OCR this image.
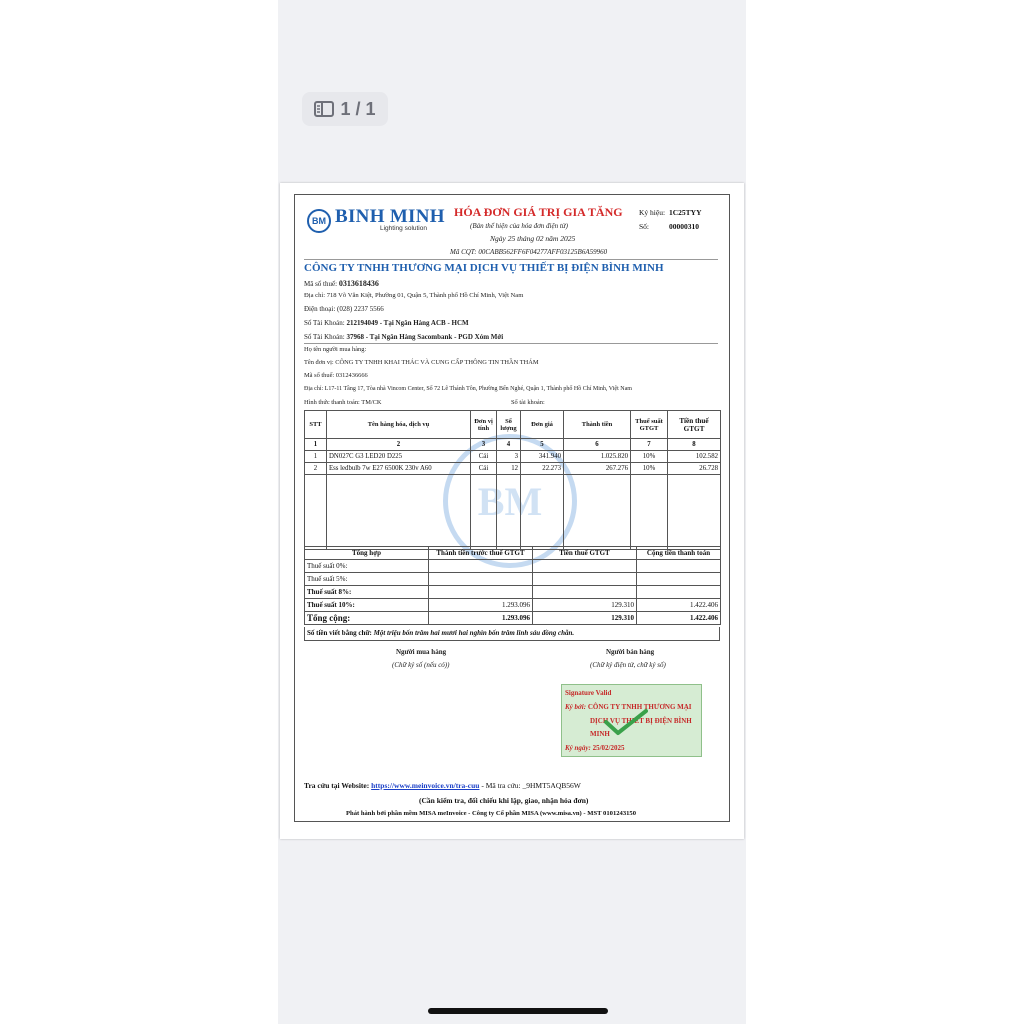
1 / 1
BM
BM BINH MINH
Lighting solution
HÓA ĐƠN GIÁ TRỊ GIA TĂNG
(Bản thể hiện của hóa đơn điện tử)
Ngày 25 tháng 02 năm 2025
Mã CQT: 00CABB562FF6F04277AFF03125B6A59960
Ký hiệu: 1C25TYY
Số:	00000310
CÔNG TY TNHH THƯƠNG MẠI DỊCH VỤ THIẾT BỊ ĐIỆN BÌNH MINH
Mã số thuế: 0313618436
Địa chỉ: 718 Võ Văn Kiệt, Phường 01, Quận 5, Thành phố Hồ Chí Minh, Việt Nam
Điện thoại: (028) 2237 5566
Số Tài Khoản: 212194049 - Tại Ngân Hàng ACB - HCM
Số Tài Khoản: 37968 - Tại Ngân Hàng Sacombank - PGD Xóm Mới
Họ tên người mua hàng:
Tên đơn vị: CÔNG TY TNHH KHAI THÁC VÀ CUNG CẤP THÔNG TIN THẦN THÁM
Mã số thuế: 0312436666
Địa chỉ: L17-11 Tầng 17, Tòa nhà Vincom Center, Số 72 Lê Thánh Tôn, Phường Bến Nghé, Quận 1, Thành phố Hồ Chí Minh, Việt Nam
Hình thức thanh toán: TM/CK	Số tài khoản:
STT	Tên hàng hóa, dịch vụ	Đơn vị tính	Số lượng	Đơn giá	Thành tiền	Thuế suất GTGT	Tiền thuế GTGT
1	2	3	4	5	6	7	8
1	DN027C G3 LED20 D225	Cái	3	341.940	1.025.820	10%	102.582
2	Ess ledbulb 7w E27 6500K 230v A60	Cái	12	22.273	267.276	10%	26.728

Tổng hợp	Thành tiền trước thuế GTGT	Tiền thuế GTGT	Cộng tiền thanh toán
Thuế suất 0%:			
Thuế suất 5%:			
Thuế suất 8%:			
Thuế suất 10%:	1.293.096	129.310	1.422.406
Tổng cộng:	1.293.096	129.310	1.422.406
Số tiền viết bằng chữ: Một triệu bốn trăm hai mươi hai nghìn bốn trăm linh sáu đồng chẵn.
Người mua hàng
(Chữ ký số (nếu có))
Người bán hàng
(Chữ ký điện tử, chữ ký số)
Signature Valid
Ký bởi: CÔNG TY TNHH THƯƠNG MẠI
DỊCH VỤ THIẾT BỊ ĐIỆN BÌNH
MINH
Ký ngày: 25/02/2025
Tra cứu tại Website: https://www.meinvoice.vn/tra-cuu - Mã tra cứu: _9HMT5AQB56W
(Cần kiểm tra, đối chiếu khi lập, giao, nhận hóa đơn)
Phát hành bởi phần mềm MISA meInvoice - Công ty Cổ phần MISA (www.misa.vn) - MST 0101243150
